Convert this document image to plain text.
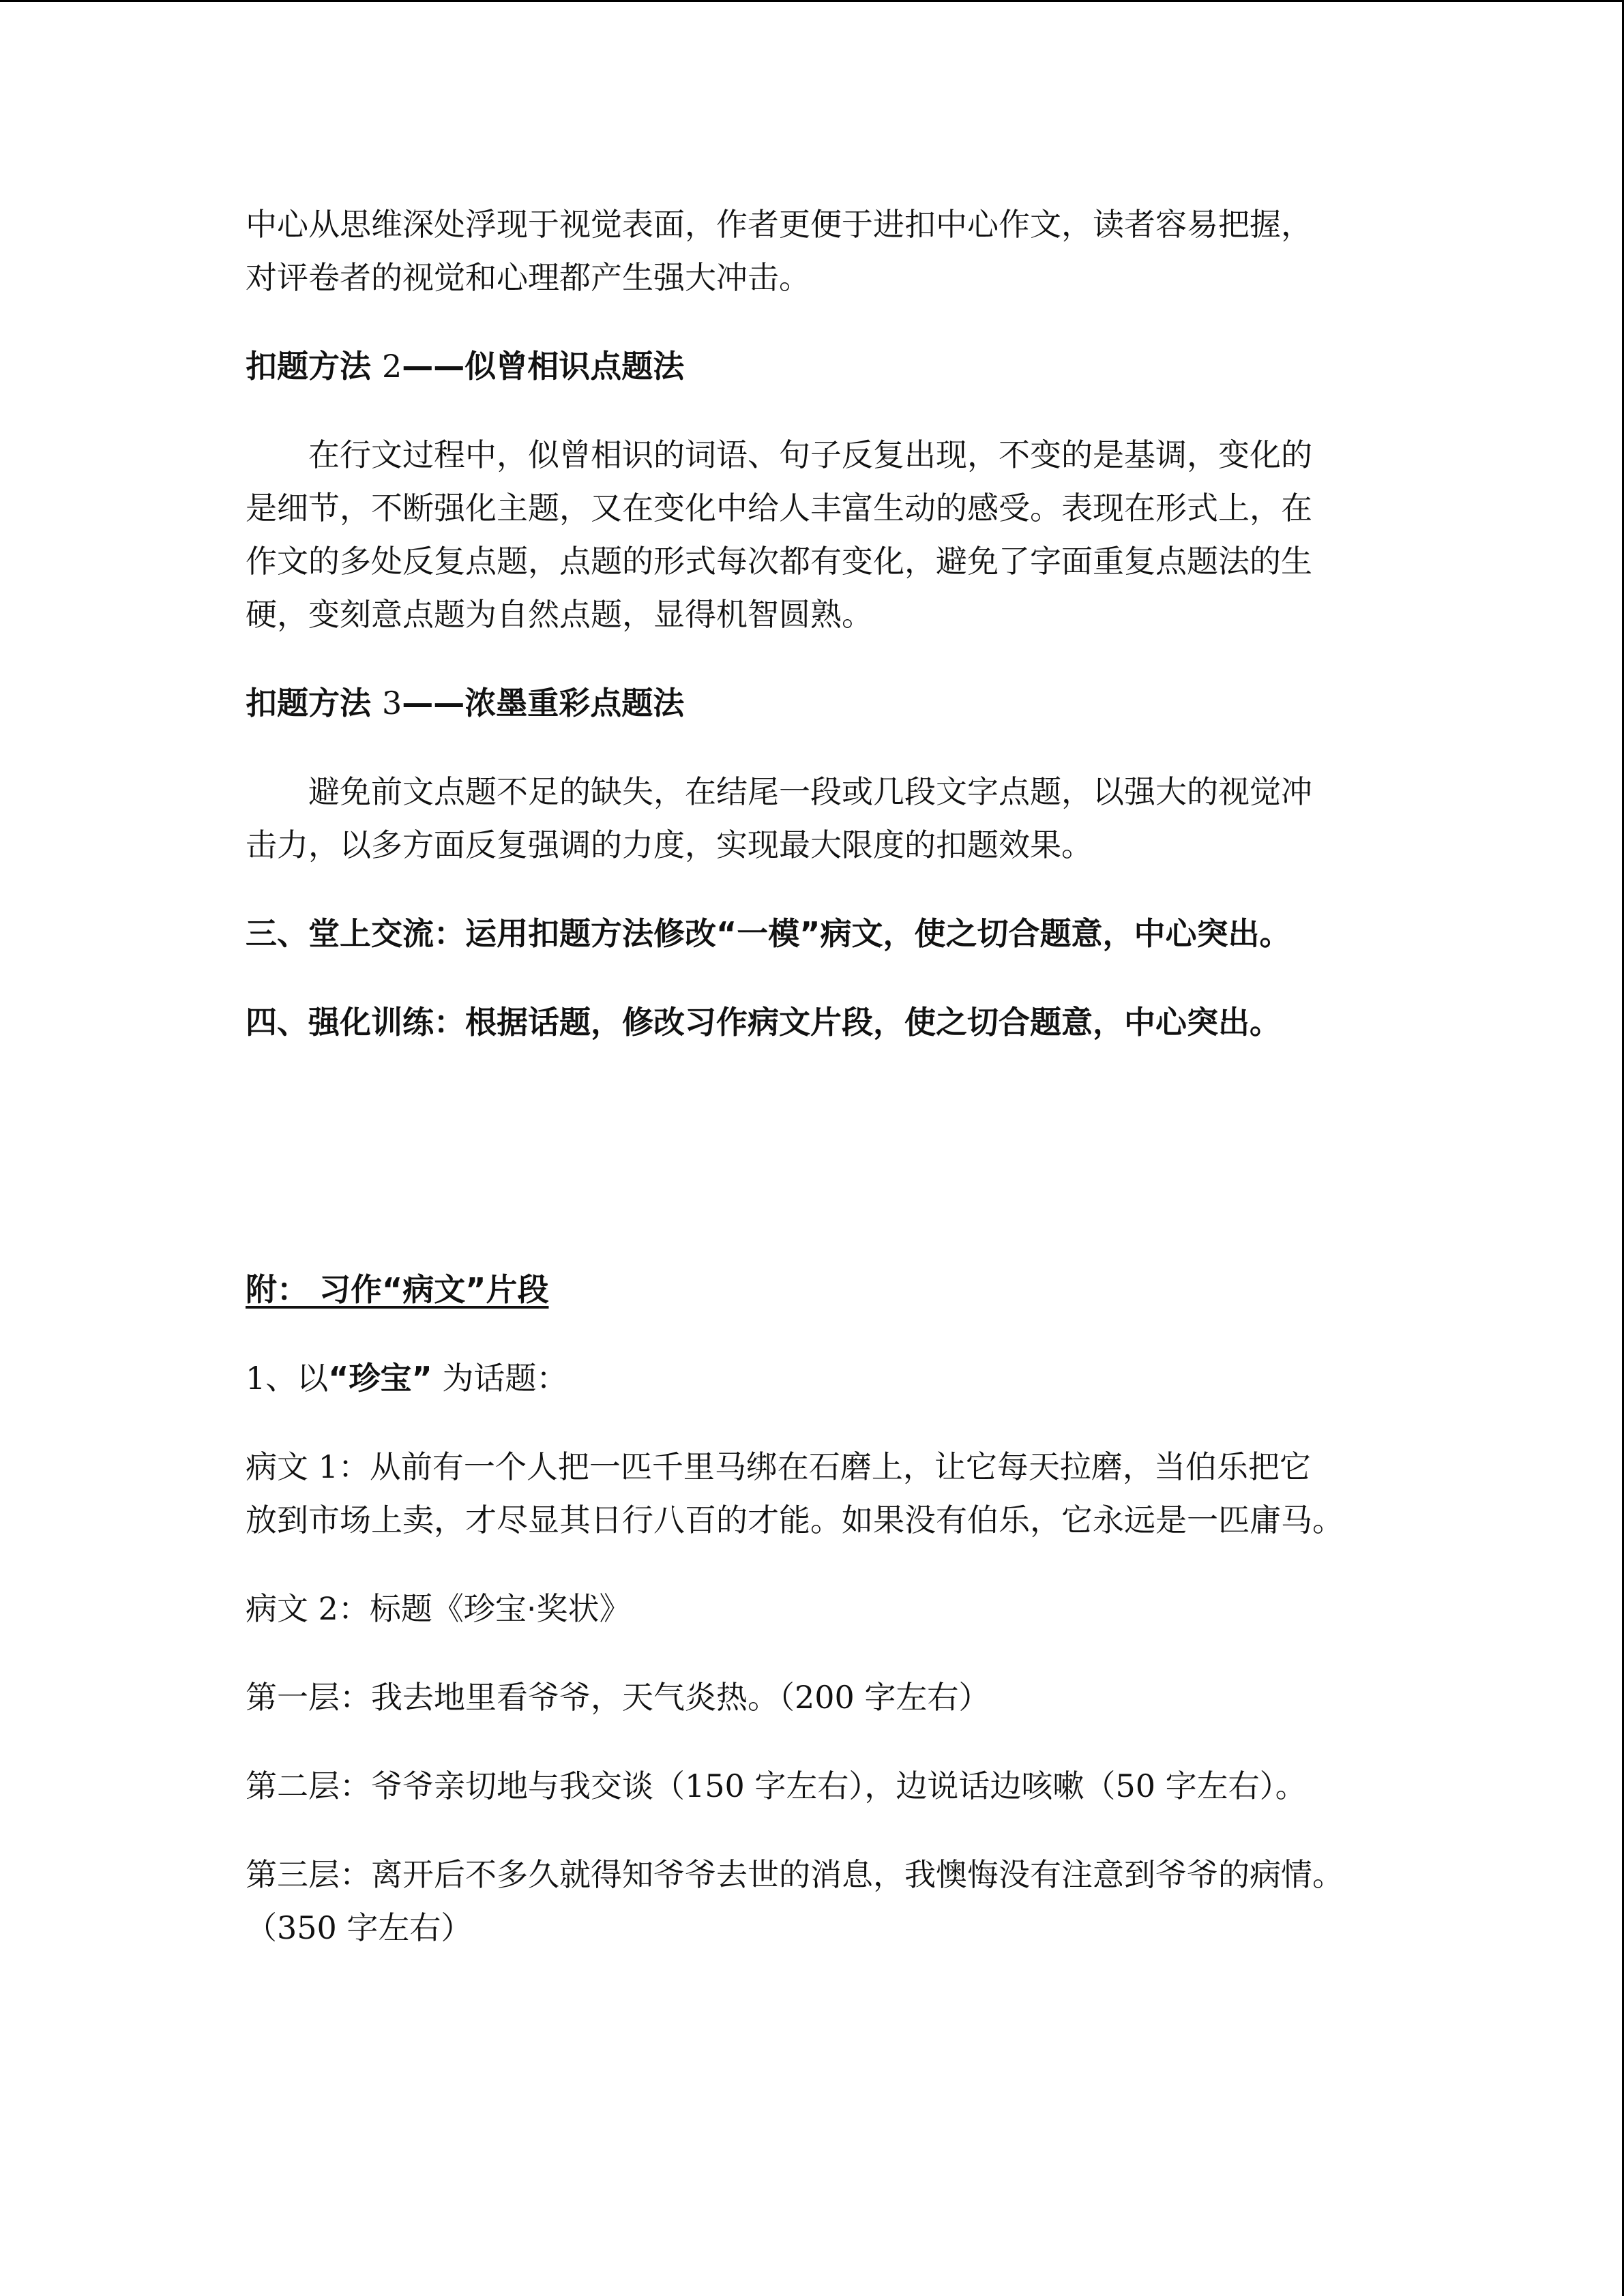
中心从思维深处浮现于视觉表面，作者更便于进扣中心作文，读者容易把握，
对评卷者的视觉和心理都产生强大冲击。
扣题方法 2——似曾相识点题法
在行文过程中，似曾相识的词语、句子反复出现，不变的是基调，变化的
是细节，不断强化主题，又在变化中给人丰富生动的感受。表现在形式上，在
作文的多处反复点题，点题的形式每次都有变化，避免了字面重复点题法的生
硬，变刻意点题为自然点题，显得机智圆熟。
扣题方法 3——浓墨重彩点题法
避免前文点题不足的缺失，在结尾一段或几段文字点题，以强大的视觉冲
击力，以多方面反复强调的力度，实现最大限度的扣题效果。
三、堂上交流：运用扣题方法修改“一模”病文，使之切合题意，中心突出。
四、强化训练：根据话题，修改习作病文片段，使之切合题意，中心突出。
附： 习作“病文”片段
1、以“珍宝” 为话题：
病文 1：从前有一个人把一匹千里马绑在石磨上，让它每天拉磨，当伯乐把它
放到市场上卖，才尽显其日行八百的才能。如果没有伯乐，它永远是一匹庸马。
病文 2：标题《珍宝·奖状》
第一层：我去地里看爷爷，天气炎热。（200 字左右）
第二层：爷爷亲切地与我交谈（150 字左右），边说话边咳嗽（50 字左右）。
第三层：离开后不多久就得知爷爷去世的消息，我懊悔没有注意到爷爷的病情。
（350 字左右）
